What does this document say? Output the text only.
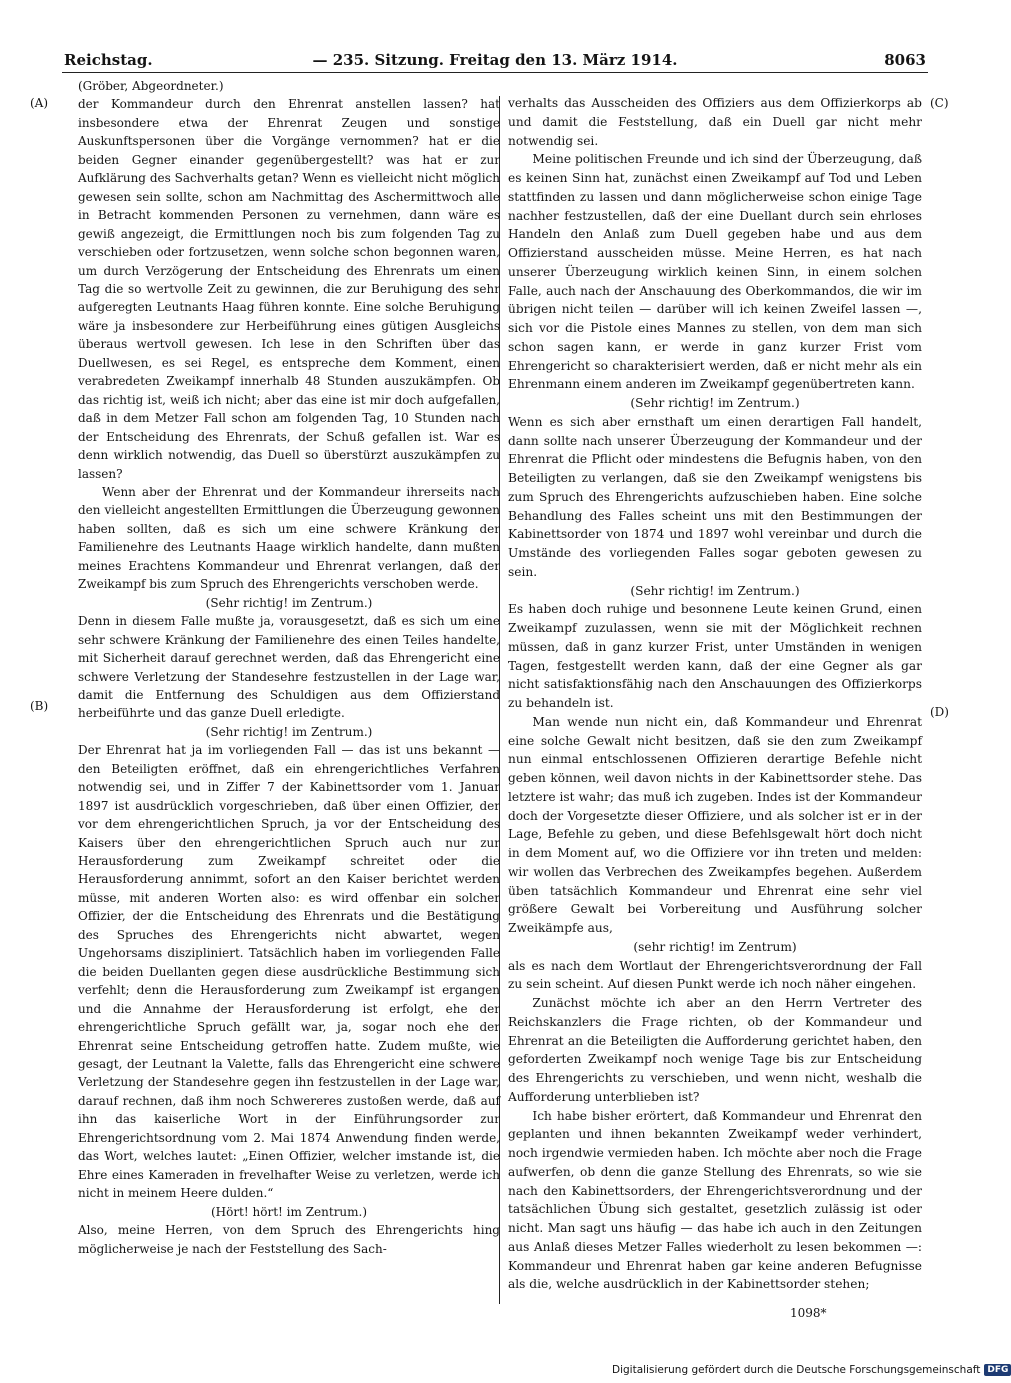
Reichstag.	— 235. Sitzung. Freitag den 13. März 1914.	8063
(A)
(B)
(C)
(D)

(Gröber, Abgeordneter.)

der Kommandeur durch den Ehrenrat anstellen lassen? hat insbesondere etwa der Ehrenrat Zeugen und sonstige Auskunftspersonen über die Vorgänge vernommen? hat er die beiden Gegner einander gegenübergestellt? was hat er zur Aufklärung des Sachverhalts getan? Wenn es vielleicht nicht möglich gewesen sein sollte, schon am Nachmittag des Aschermittwoch alle in Betracht kommenden Personen zu vernehmen, dann wäre es gewiß angezeigt, die Ermittlungen noch bis zum folgenden Tag zu verschieben oder fortzusetzen, wenn solche schon begonnen waren, um durch Verzögerung der Entscheidung des Ehrenrats um einen Tag die so wertvolle Zeit zu gewinnen, die zur Beruhigung des sehr aufgeregten Leutnants Haag führen konnte. Eine solche Beruhigung wäre ja insbesondere zur Herbeiführung eines gütigen Ausgleichs überaus wertvoll gewesen. Ich lese in den Schriften über das Duellwesen, es sei Regel, es entspreche dem Komment, einen verabredeten Zweikampf innerhalb 48 Stunden auszukämpfen. Ob das richtig ist, weiß ich nicht; aber das eine ist mir doch aufgefallen, daß in dem Metzer Fall schon am folgenden Tag, 10 Stunden nach der Entscheidung des Ehrenrats, der Schuß gefallen ist. War es denn wirklich notwendig, das Duell so überstürzt auszukämpfen zu lassen?

Wenn aber der Ehrenrat und der Kommandeur ihrerseits nach den vielleicht angestellten Ermittlungen die Überzeugung gewonnen haben sollten, daß es sich um eine schwere Kränkung der Familienehre des Leutnants Haage wirklich handelte, dann mußten meines Erachtens Kommandeur und Ehrenrat verlangen, daß der Zweikampf bis zum Spruch des Ehrengerichts verschoben werde.

(Sehr richtig! im Zentrum.)

Denn in diesem Falle mußte ja, vorausgesetzt, daß es sich um eine sehr schwere Kränkung der Familienehre des einen Teiles handelte, mit Sicherheit darauf gerechnet werden, daß das Ehrengericht eine schwere Verletzung der Standesehre festzustellen in der Lage war, damit die Entfernung des Schuldigen aus dem Offizierstand herbeiführte und das ganze Duell erledigte.

(Sehr richtig! im Zentrum.)

Der Ehrenrat hat ja im vorliegenden Fall — das ist uns bekannt — den Beteiligten eröffnet, daß ein ehrengerichtliches Verfahren notwendig sei, und in Ziffer 7 der Kabinettsorder vom 1. Januar 1897 ist ausdrücklich vorgeschrieben, daß über einen Offizier, der vor dem ehrengerichtlichen Spruch, ja vor der Entscheidung des Kaisers über den ehrengerichtlichen Spruch auch nur zur Herausforderung zum Zweikampf schreitet oder die Herausforderung annimmt, sofort an den Kaiser berichtet werden müsse, mit anderen Worten also: es wird offenbar ein solcher Offizier, der die Entscheidung des Ehrenrats und die Bestätigung des Spruches des Ehrengerichts nicht abwartet, wegen Ungehorsams diszipliniert. Tatsächlich haben im vorliegenden Falle die beiden Duellanten gegen diese ausdrückliche Bestimmung sich verfehlt; denn die Herausforderung zum Zweikampf ist ergangen und die Annahme der Herausforderung ist erfolgt, ehe der ehrengerichtliche Spruch gefällt war, ja, sogar noch ehe der Ehrenrat seine Entscheidung getroffen hatte. Zudem mußte, wie gesagt, der Leutnant la Valette, falls das Ehrengericht eine schwere Verletzung der Standesehre gegen ihn festzustellen in der Lage war, darauf rechnen, daß ihm noch Schwereres zustoßen werde, daß auf ihn das kaiserliche Wort in der Einführungsorder zur Ehrengerichtsordnung vom 2. Mai 1874 Anwendung finden werde, das Wort, welches lautet: „Einen Offizier, welcher imstande ist, die Ehre eines Kameraden in frevelhafter Weise zu verletzen, werde ich nicht in meinem Heere dulden.“

(Hört! hört! im Zentrum.)

Also, meine Herren, von dem Spruch des Ehrengerichts hing möglicherweise je nach der Feststellung des Sach-

verhalts das Ausscheiden des Offiziers aus dem Offizierkorps ab und damit die Feststellung, daß ein Duell gar nicht mehr notwendig sei.

Meine politischen Freunde und ich sind der Überzeugung, daß es keinen Sinn hat, zunächst einen Zweikampf auf Tod und Leben stattfinden zu lassen und dann möglicherweise schon einige Tage nachher festzustellen, daß der eine Duellant durch sein ehrloses Handeln den Anlaß zum Duell gegeben habe und aus dem Offizierstand ausscheiden müsse. Meine Herren, es hat nach unserer Überzeugung wirklich keinen Sinn, in einem solchen Falle, auch nach der Anschauung des Oberkommandos, die wir im übrigen nicht teilen — darüber will ich keinen Zweifel lassen —, sich vor die Pistole eines Mannes zu stellen, von dem man sich schon sagen kann, er werde in ganz kurzer Frist vom Ehrengericht so charakterisiert werden, daß er nicht mehr als ein Ehrenmann einem anderen im Zweikampf gegenübertreten kann.

(Sehr richtig! im Zentrum.)

Wenn es sich aber ernsthaft um einen derartigen Fall handelt, dann sollte nach unserer Überzeugung der Kommandeur und der Ehrenrat die Pflicht oder mindestens die Befugnis haben, von den Beteiligten zu verlangen, daß sie den Zweikampf wenigstens bis zum Spruch des Ehrengerichts aufzuschieben haben. Eine solche Behandlung des Falles scheint uns mit den Bestimmungen der Kabinettsorder von 1874 und 1897 wohl vereinbar und durch die Umstände des vorliegenden Falles sogar geboten gewesen zu sein.

(Sehr richtig! im Zentrum.)

Es haben doch ruhige und besonnene Leute keinen Grund, einen Zweikampf zuzulassen, wenn sie mit der Möglichkeit rechnen müssen, daß in ganz kurzer Frist, unter Umständen in wenigen Tagen, festgestellt werden kann, daß der eine Gegner als gar nicht satisfaktionsfähig nach den Anschauungen des Offizierkorps zu behandeln ist.

Man wende nun nicht ein, daß Kommandeur und Ehrenrat eine solche Gewalt nicht besitzen, daß sie den zum Zweikampf nun einmal entschlossenen Offizieren derartige Befehle nicht geben können, weil davon nichts in der Kabinettsorder stehe. Das letztere ist wahr; das muß ich zugeben. Indes ist der Kommandeur doch der Vorgesetzte dieser Offiziere, und als solcher ist er in der Lage, Befehle zu geben, und diese Befehlsgewalt hört doch nicht in dem Moment auf, wo die Offiziere vor ihn treten und melden: wir wollen das Verbrechen des Zweikampfes begehen. Außerdem üben tatsächlich Kommandeur und Ehrenrat eine sehr viel größere Gewalt bei Vorbereitung und Ausführung solcher Zweikämpfe aus,

(sehr richtig! im Zentrum)

als es nach dem Wortlaut der Ehrengerichtsverordnung der Fall zu sein scheint. Auf diesen Punkt werde ich noch näher eingehen.

Zunächst möchte ich aber an den Herrn Vertreter des Reichskanzlers die Frage richten, ob der Kommandeur und Ehrenrat an die Beteiligten die Aufforderung gerichtet haben, den geforderten Zweikampf noch wenige Tage bis zur Entscheidung des Ehrengerichts zu verschieben, und wenn nicht, weshalb die Aufforderung unterblieben ist?

Ich habe bisher erörtert, daß Kommandeur und Ehrenrat den geplanten und ihnen bekannten Zweikampf weder verhindert, noch irgendwie vermieden haben. Ich möchte aber noch die Frage aufwerfen, ob denn die ganze Stellung des Ehrenrats, so wie sie nach den Kabinettsorders, der Ehrengerichtsverordnung und der tatsächlichen Übung sich gestaltet, gesetzlich zulässig ist oder nicht. Man sagt uns häufig — das habe ich auch in den Zeitungen aus Anlaß dieses Metzer Falles wiederholt zu lesen bekommen —: Kommandeur und Ehrenrat haben gar keine anderen Befugnisse als die, welche ausdrücklich in der Kabinettsorder stehen;

1098*
Digitalisierung gefördert durch die Deutsche Forschungsgemeinschaft DFG
